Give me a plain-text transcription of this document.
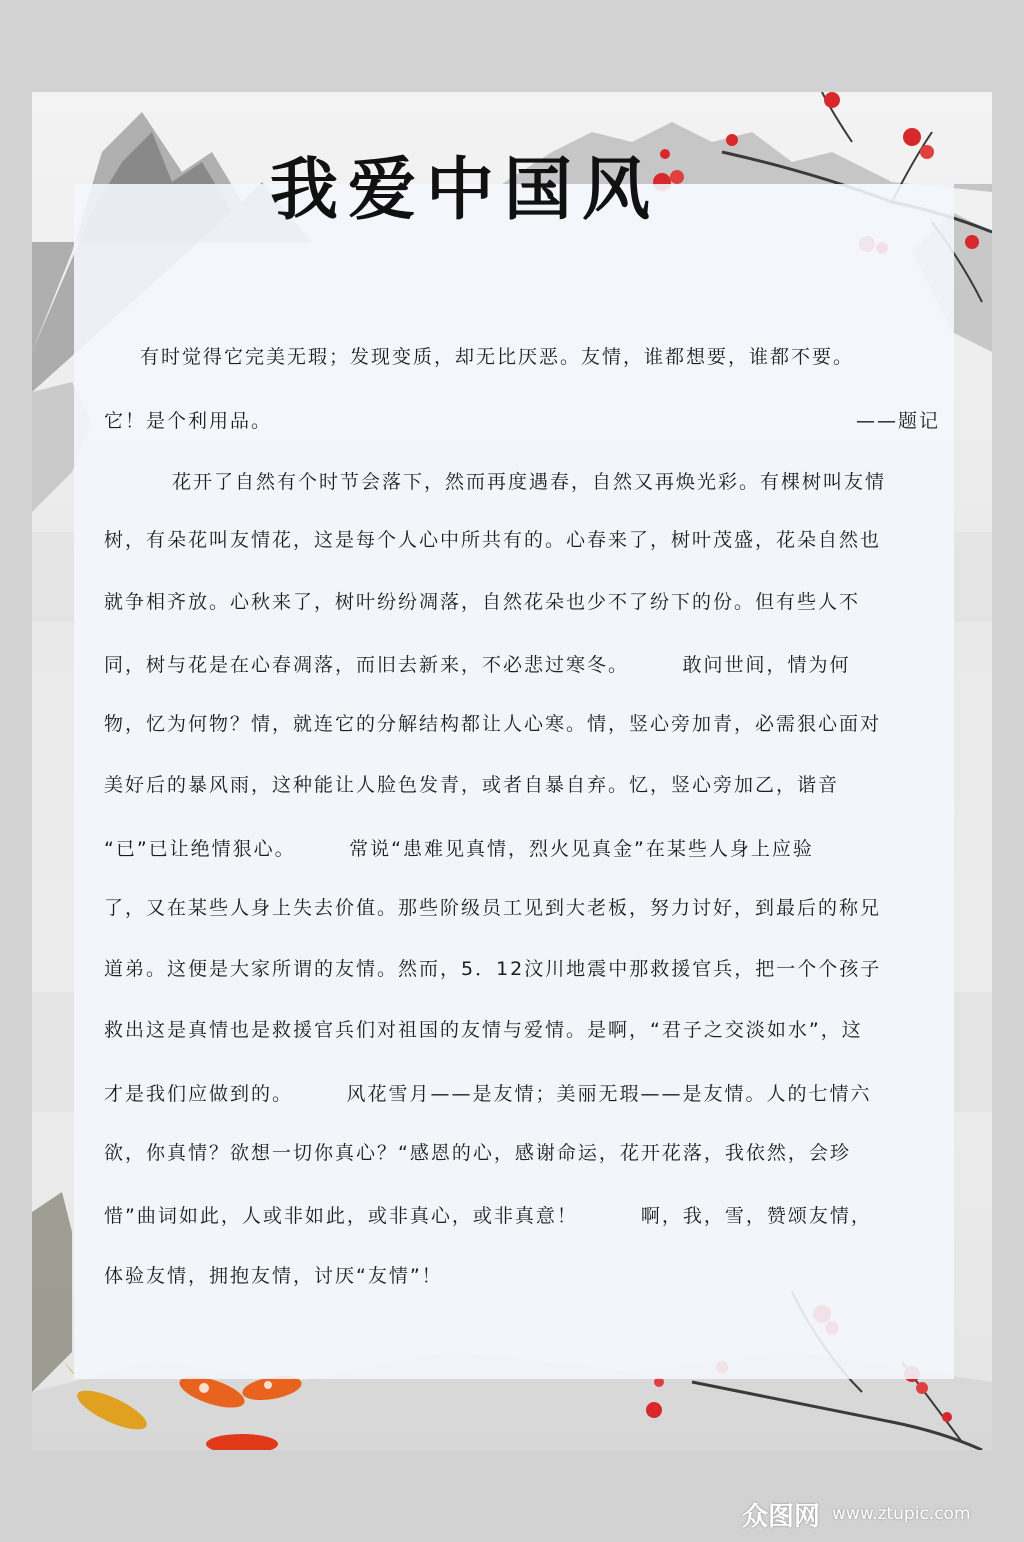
我爱中国风
有时觉得它完美无瑕；发现变质，却无比厌恶。友情，谁都想要，谁都不要。
它！是个利用品。	——题记
花开了自然有个时节会落下，然而再度遇春，自然又再焕光彩。有棵树叫友情
树，有朵花叫友情花，这是每个人心中所共有的。心春来了，树叶茂盛，花朵自然也
就争相齐放。心秋来了，树叶纷纷凋落，自然花朵也少不了纷下的份。但有些人不
同，树与花是在心春凋落，而旧去新来，不必悲过寒冬。　　　敢问世间，情为何
物，忆为何物？情，就连它的分解结构都让人心寒。情，竖心旁加青，必需狠心面对
美好后的暴风雨，这种能让人脸色发青，或者自暴自弃。忆，竖心旁加乙，谐音
“已”已让绝情狠心。　　　常说“患难见真情，烈火见真金”在某些人身上应验
了，又在某些人身上失去价值。那些阶级员工见到大老板，努力讨好，到最后的称兄
道弟。这便是大家所谓的友情。然而，5．12汶川地震中那救援官兵，把一个个孩子
救出这是真情也是救援官兵们对祖国的友情与爱情。是啊，“君子之交淡如水”，这
才是我们应做到的。　　　风花雪月——是友情；美丽无瑕——是友情。人的七情六
欲，你真情？欲想一切你真心？“感恩的心，感谢命运，花开花落，我依然，会珍
惜”曲词如此，人或非如此，或非真心，或非真意！　　　啊，我，雪，赞颂友情，
体验友情，拥抱友情，讨厌“友情”！
众图网 www.ztupic.com
